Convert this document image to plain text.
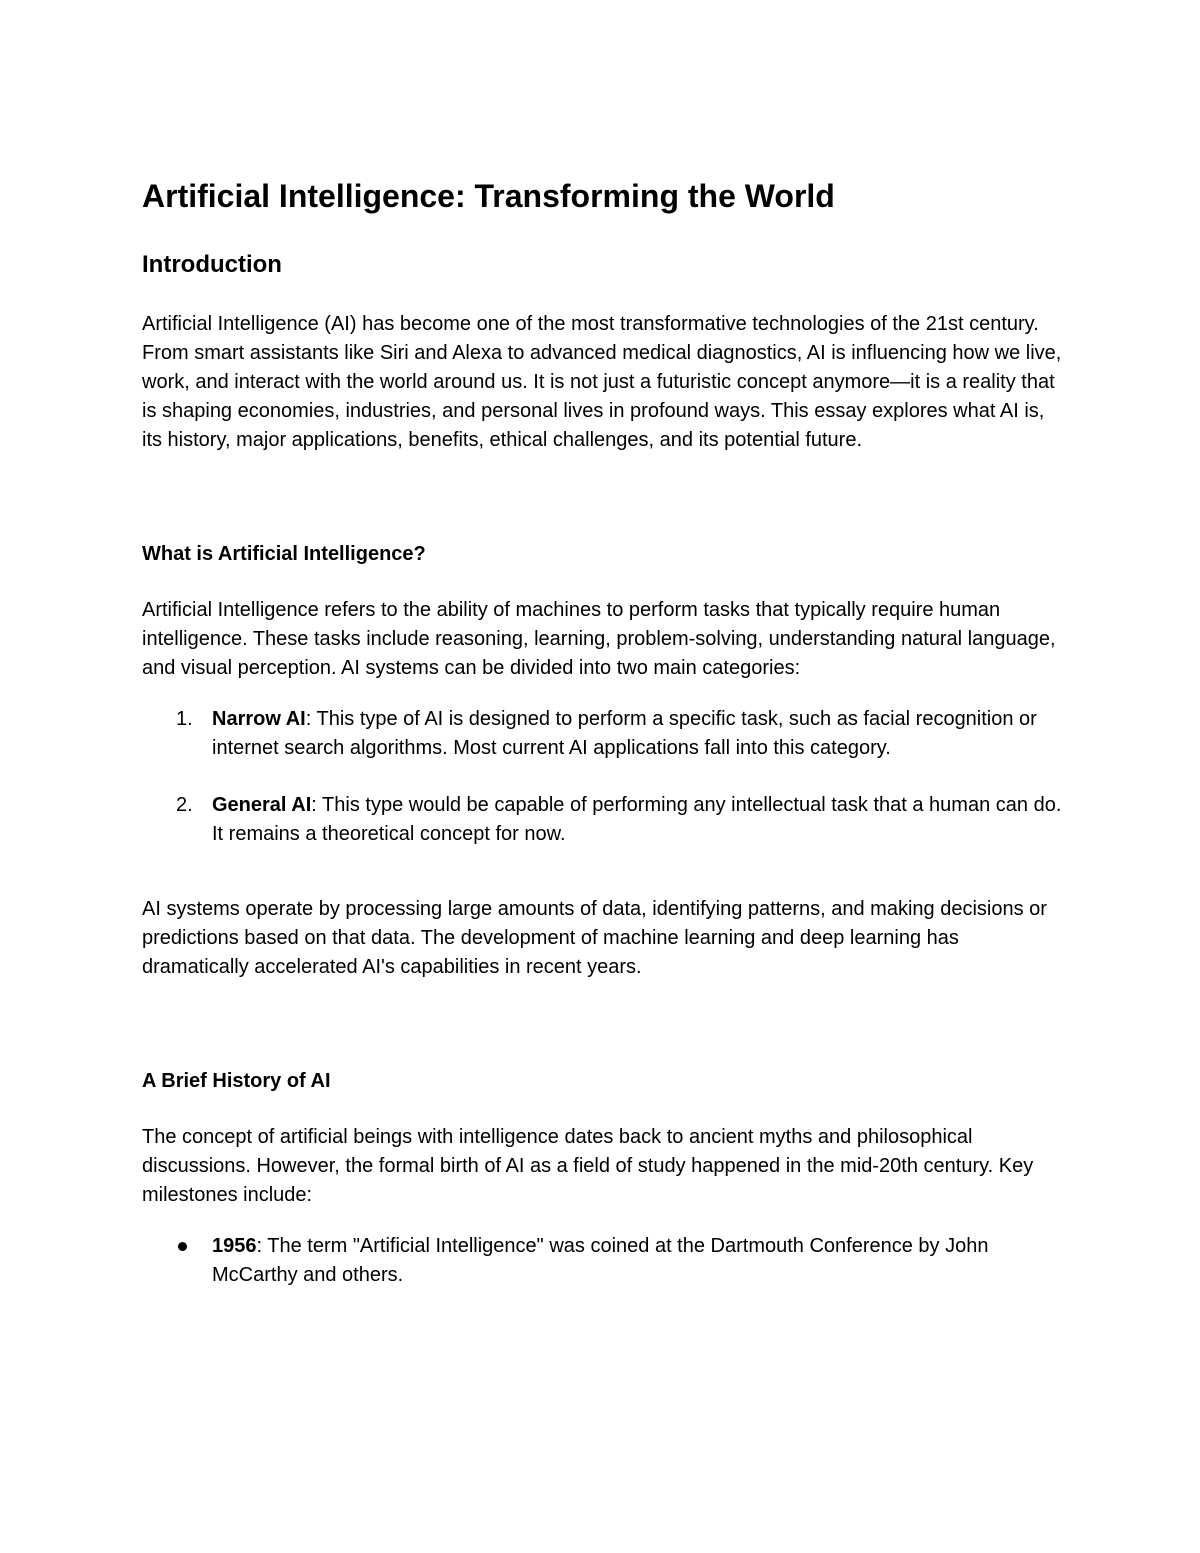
Artificial Intelligence: Transforming the World
Introduction

Artificial Intelligence (AI) has become one of the most transformative technologies of the 21st century. From smart assistants like Siri and Alexa to advanced medical diagnostics, AI is influencing how we live, work, and interact with the world around us. It is not just a futuristic concept anymore—it is a reality that is shaping economies, industries, and personal lives in profound ways. This essay explores what AI is, its history, major applications, benefits, ethical challenges, and its potential future.

What is Artificial Intelligence?

Artificial Intelligence refers to the ability of machines to perform tasks that typically require human intelligence. These tasks include reasoning, learning, problem-solving, understanding natural language, and visual perception. AI systems can be divided into two main categories:

1. Narrow AI: This type of AI is designed to perform a specific task, such as facial recognition or internet search algorithms. Most current AI applications fall into this category.
2. General AI: This type would be capable of performing any intellectual task that a human can do. It remains a theoretical concept for now.

AI systems operate by processing large amounts of data, identifying patterns, and making decisions or predictions based on that data. The development of machine learning and deep learning has dramatically accelerated AI's capabilities in recent years.

A Brief History of AI

The concept of artificial beings with intelligence dates back to ancient myths and philosophical discussions. However, the formal birth of AI as a field of study happened in the mid-20th century. Key milestones include:

1956: The term "Artificial Intelligence" was coined at the Dartmouth Conference by John McCarthy and others.
